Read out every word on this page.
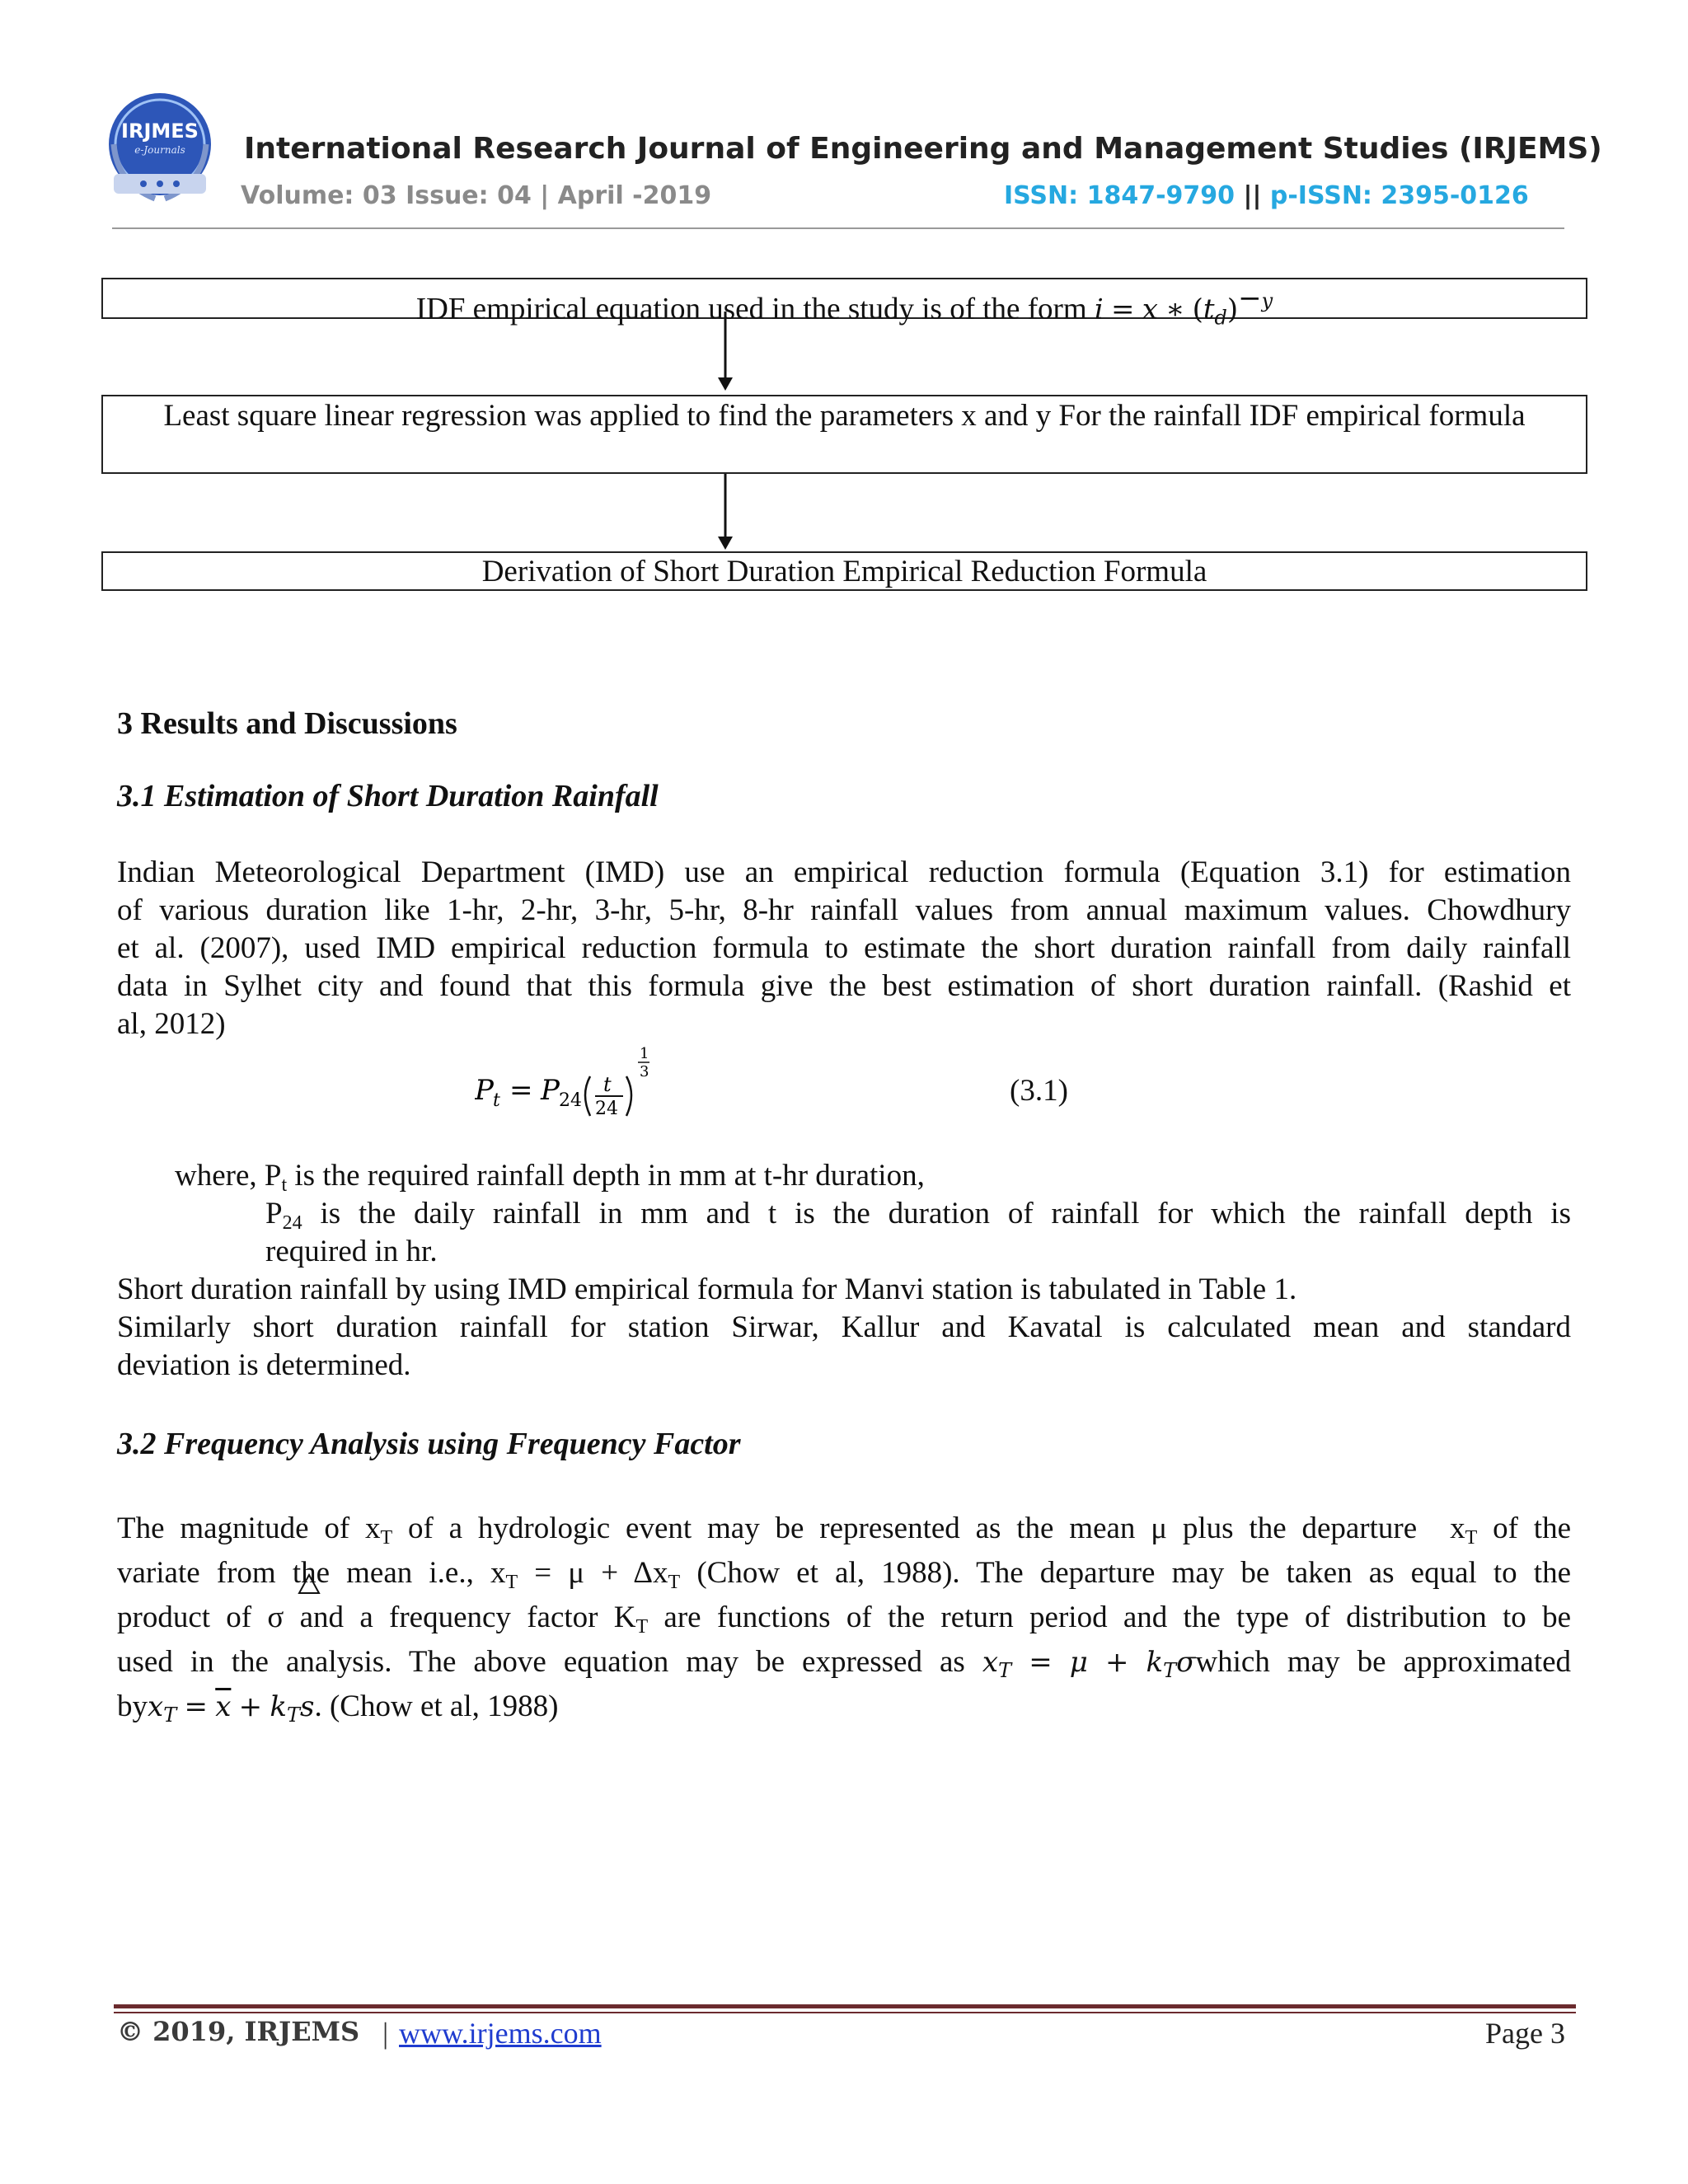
IRJMES
e-Journals	International Research Journal of Engineering and Management Studies (IRJEMS)
Volume: 03 Issue: 04 | April -2019	ISSN: 1847-9790 || p-ISSN: 2395-0126
IDF empirical equation used in the study is of the form i = x ∗ $(t_d)^{-y}$
Least square linear regression was applied to find the parameters x and y For the rainfall IDF empirical formula
Derivation of Short Duration Empirical Reduction Formula
3 Results and Discussions
3.1 Estimation of Short Duration Rainfall
Indian Meteorological Department (IMD) use an empirical reduction formula (Equation 3.1) for estimation
of various duration like 1-hr, 2-hr, 3-hr, 5-hr, 8-hr rainfall values from annual maximum values. Chowdhury
et al. (2007), used IMD empirical reduction formula to estimate the short duration rainfall from daily rainfall
data in Sylhet city and found that this formula give the best estimation of short duration rainfall. (Rashid et
al, 2012)
P t = P 24
t
24
1
3
(3.1)
where, $P_t$ is the required rainfall depth in mm at t-hr duration,
$P_{24}$ is the daily rainfall in mm and t is the duration of rainfall for which the rainfall depth is
required in hr.
Short duration rainfall by using IMD empirical formula for Manvi station is tabulated in Table 1.
Similarly short duration rainfall for station Sirwar, Kallur and Kavatal is calculated mean and standard
deviation is determined.
3.2 Frequency Analysis using Frequency Factor
The magnitude of $x_T$ of a hydrologic event may be represented as the mean μ plus the departure $x_T$ of the
variate from the mean i.e., $x_T = \mu + \Delta x_T$ (Chow et al, 1988). The departure may be taken as equal to the
product of σ and a frequency factor $K_T$ are functions of the return period and the type of distribution to be
used in the analysis. The above equation may be expressed as $x_T = \mu$ + $k_T\sigma which$ may be approximated
$byx_T = \overline{x} + k_Ts$. (Chow et al, 1988)
© 2019, IRJEMS | www.irjems.com	Page 3
